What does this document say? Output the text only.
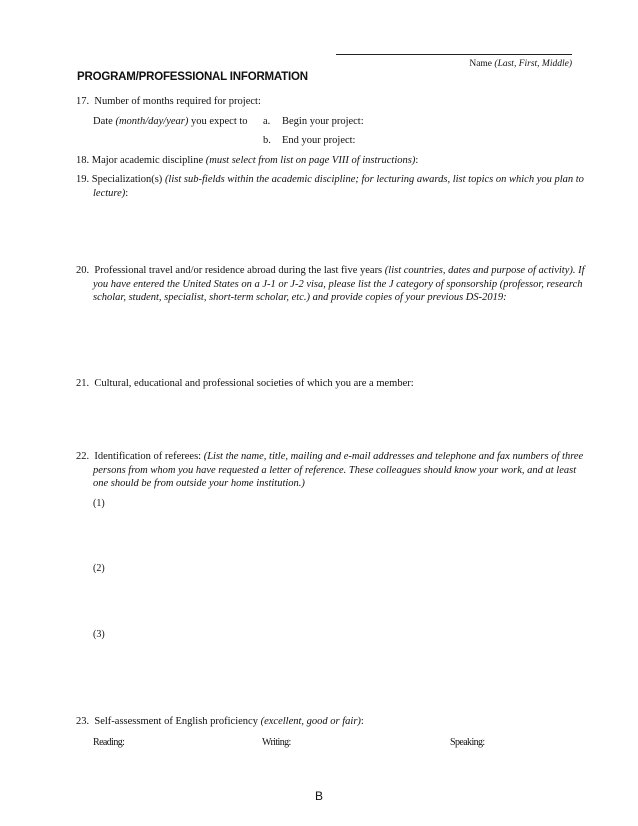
Name (Last, First, Middle)
PROGRAM/PROFESSIONAL INFORMATION
17. Number of months required for project:
Date (month/day/year) you expect to a. Begin your project:
b. End your project:
18. Major academic discipline (must select from list on page VIII of instructions):
19. Specialization(s) (list sub-fields within the academic discipline; for lecturing awards, list topics on which you plan to lecture):
20. Professional travel and/or residence abroad during the last five years (list countries, dates and purpose of activity). If you have entered the United States on a J-1 or J-2 visa, please list the J category of sponsorship (professor, research scholar, student, specialist, short-term scholar, etc.) and provide copies of your previous DS-2019:
21. Cultural, educational and professional societies of which you are a member:
22. Identification of referees: (List the name, title, mailing and e-mail addresses and telephone and fax numbers of three persons from whom you have requested a letter of reference. These colleagues should know your work, and at least one should be from outside your home institution.)
(1)
(2)
(3)
23. Self-assessment of English proficiency (excellent, good or fair):
Reading:	Writing:	Speaking:
B
